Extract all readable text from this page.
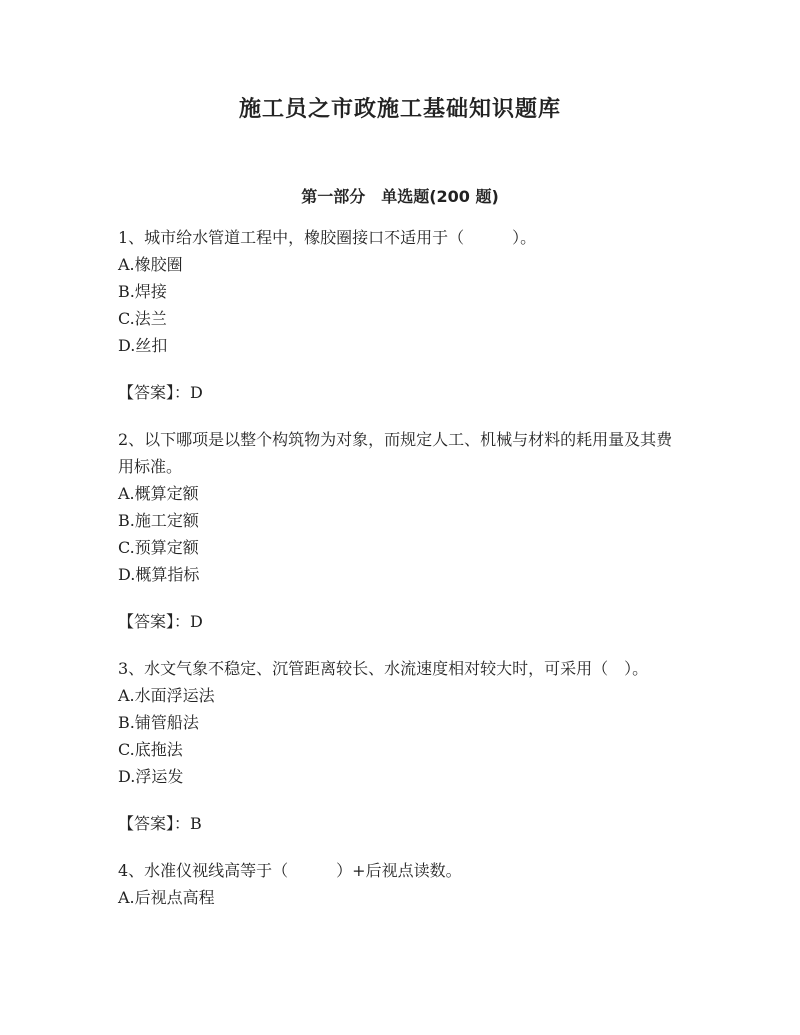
施工员之市政施工基础知识题库
第一部分　单选题(200 题)

1、城市给水管道工程中，橡胶圈接口不适用于（　　　）。

A.橡胶圈

B.焊接

C.法兰

D.丝扣

【答案】：D

2、以下哪项是以整个构筑物为对象，而规定人工、机械与材料的耗用量及其费用标准。

A.概算定额

B.施工定额

C.预算定额

D.概算指标

【答案】：D

3、水文气象不稳定、沉管距离较长、水流速度相对较大时，可采用（　）。

A.水面浮运法

B.铺管船法

C.底拖法

D.浮运发

【答案】：B

4、水准仪视线高等于（　　　）+后视点读数。

A.后视点高程
